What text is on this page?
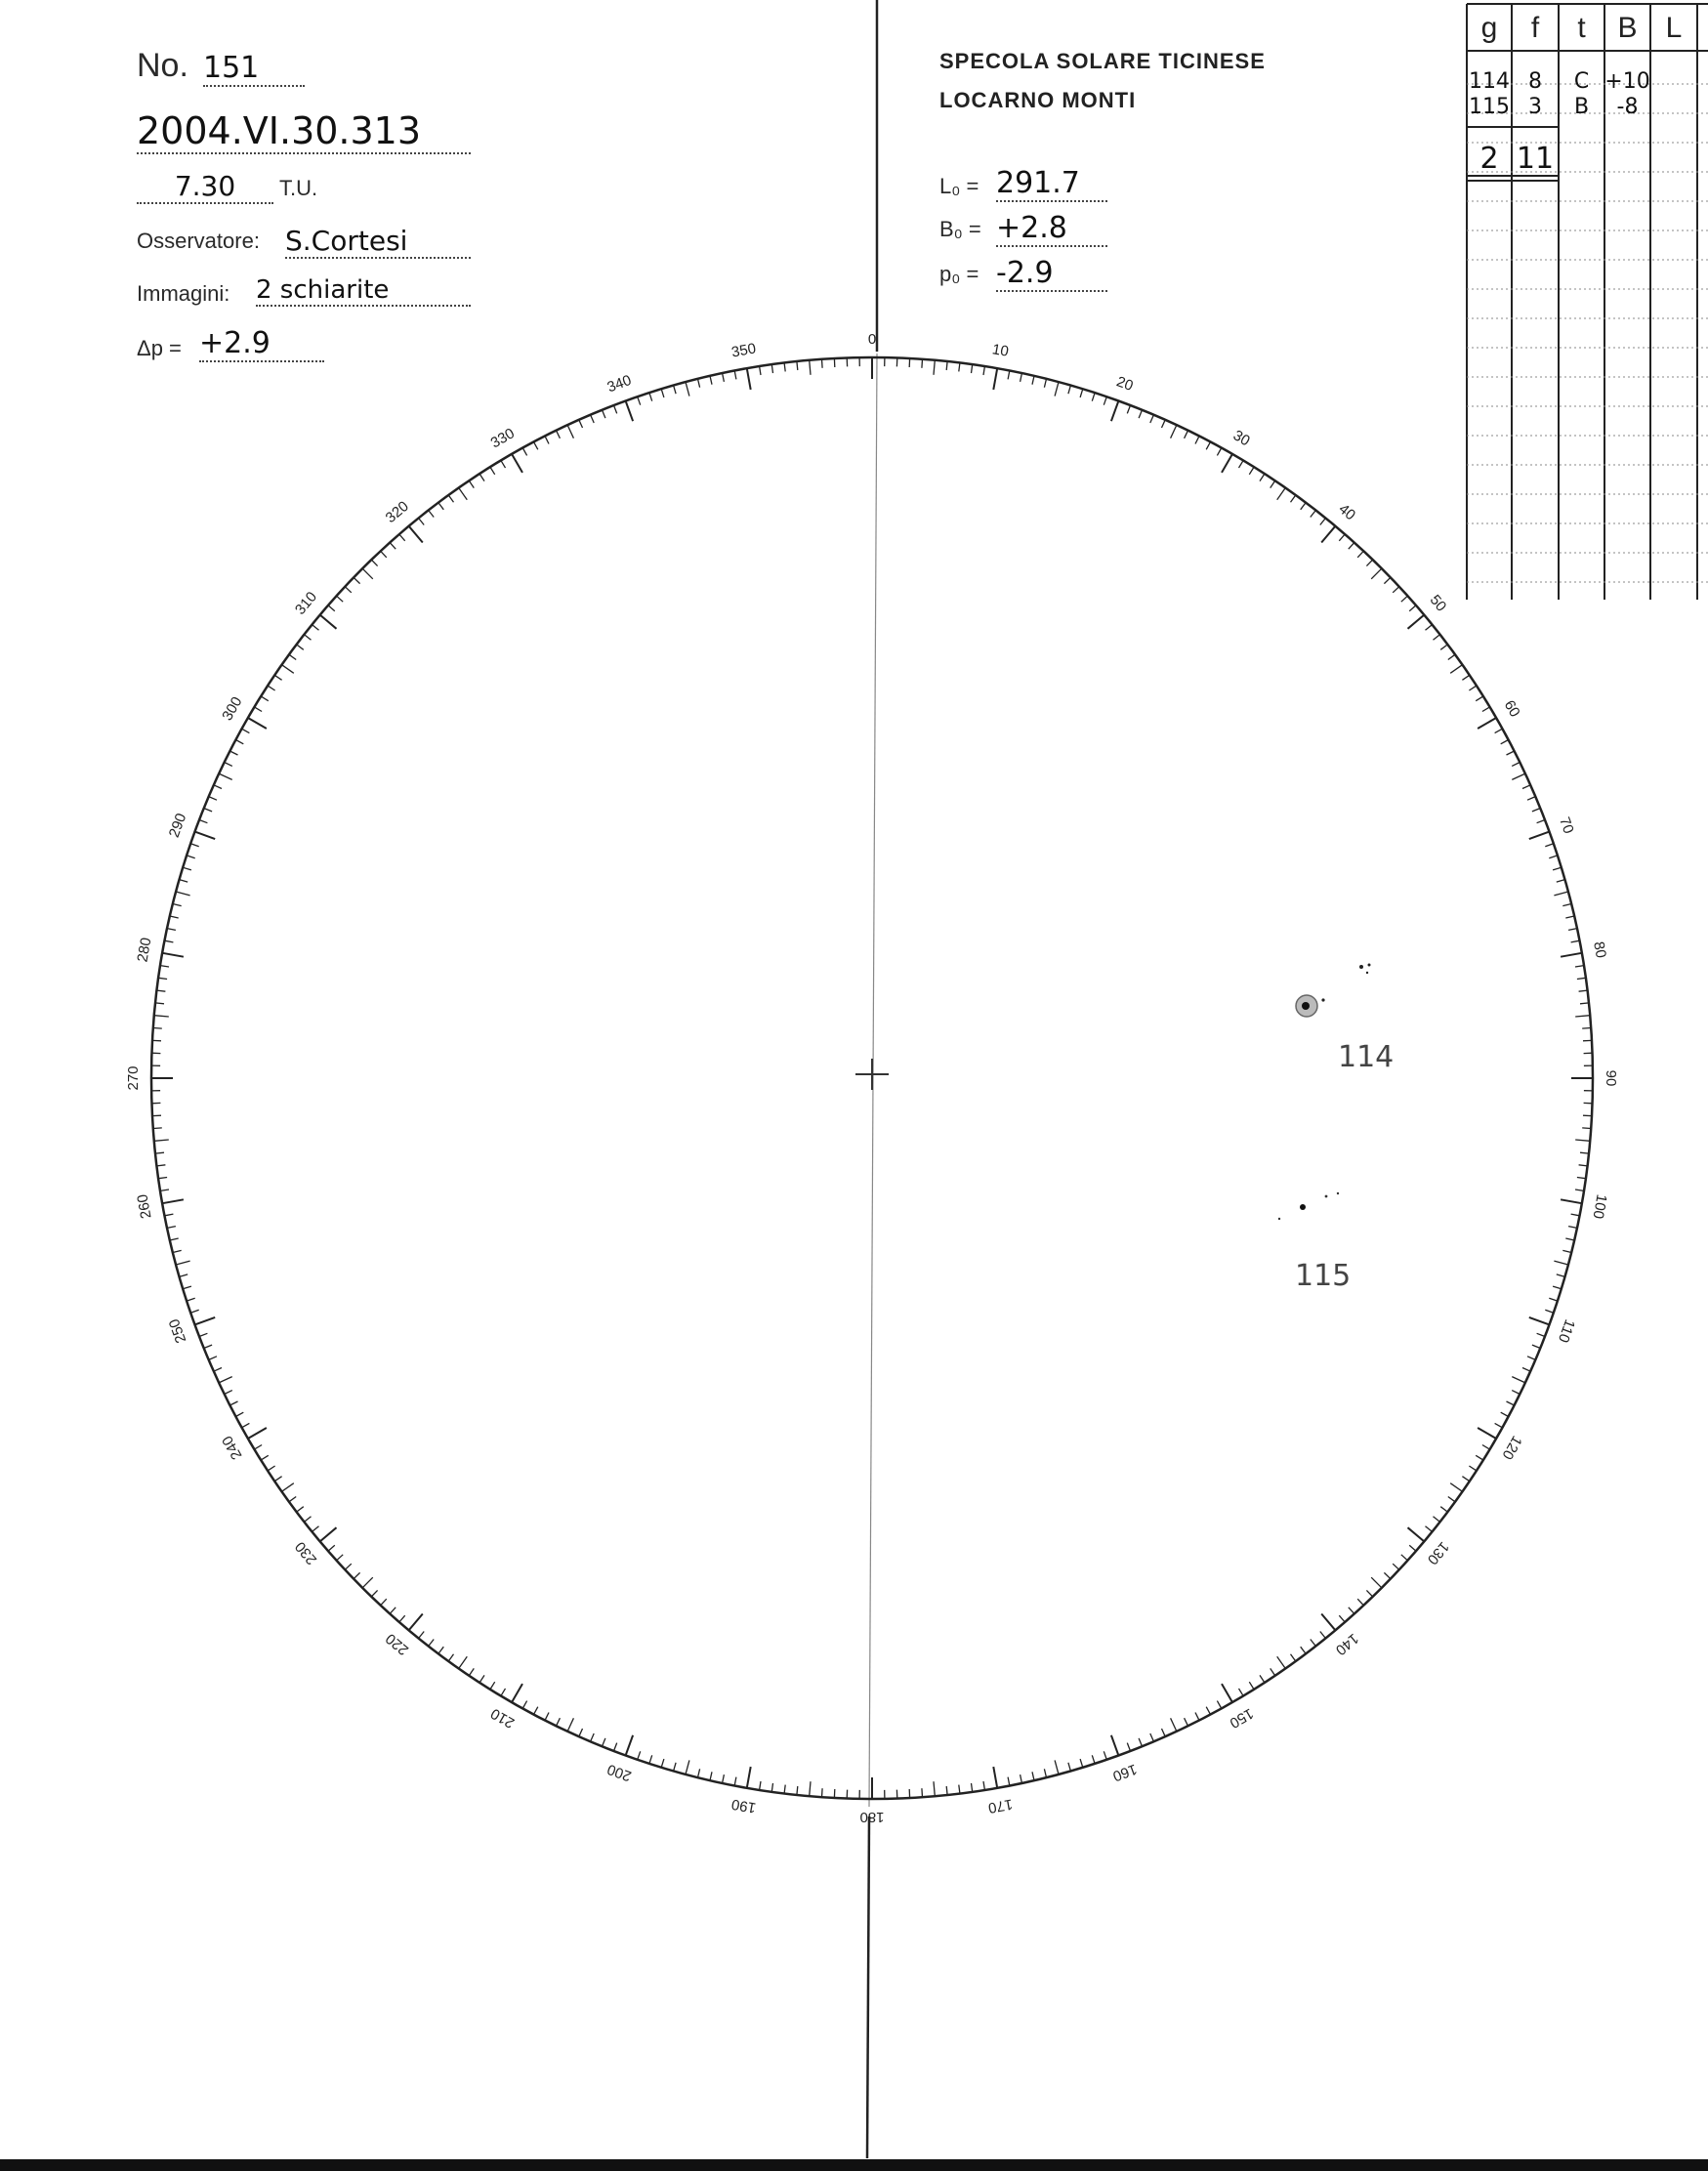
No. 151
2004.VI.30.313
7.30	T.U.
Osservatore: S.Cortesi
Immagini: 2 schiarite
Δp = +2.9
SPECOLA SOLARE TICINESE
LOCARNO MONTI
L₀ = 291.7
B₀ = +2.8
p₀ = -2.9
0
10
20
30
40
50
60
70
80
90
100
110
120
130
140
150
160
170
180
190
200
210
220
230
240
250
260
270
280
290
300
310
320
330
340
350
114
115
g f t B L
114 8 C +10
115 3 B -8
2 11
